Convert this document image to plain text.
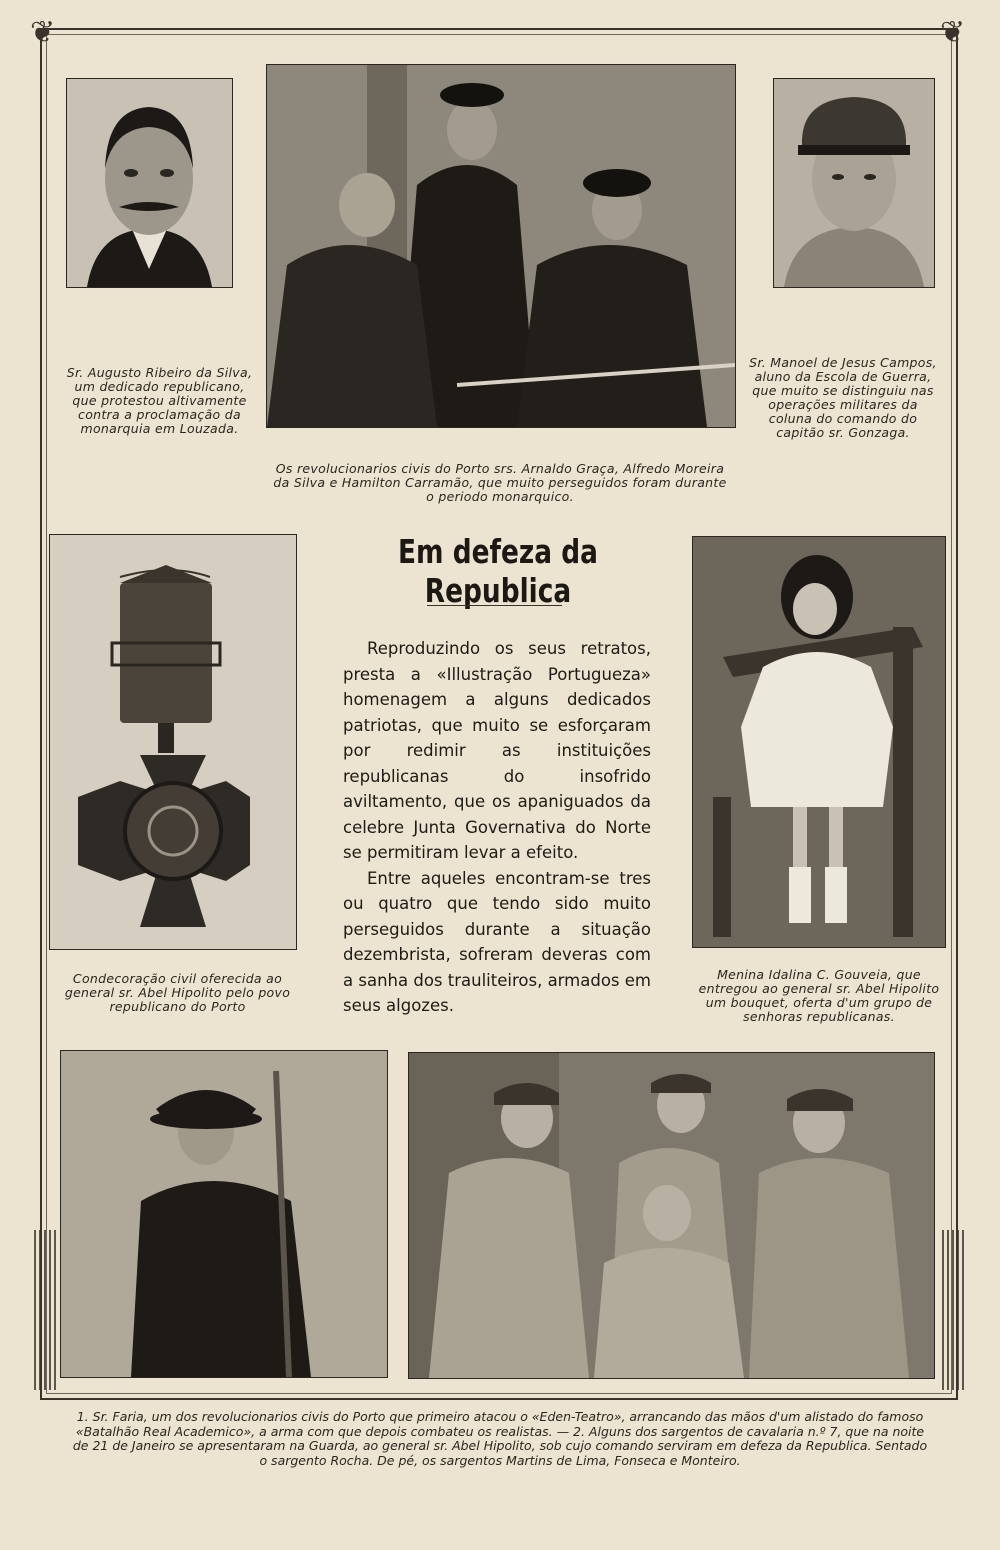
❦	❦
Sr. Augusto Ribeiro da Silva, um dedicado republicano, que protestou altivamente contra a proclamação da monarquia em Louzada.
Os revolucionarios civis do Porto srs. Arnaldo Graça, Alfredo Moreira da Silva e Hamilton Carramão, que muito perseguidos foram durante o periodo monarquico.
Sr. Manoel de Jesus Campos, aluno da Escola de Guerra, que muito se distinguiu nas operações militares da coluna do comando do capitão sr. Gonzaga.
Em defeza da Republica

Reproduzindo os seus retratos, presta a «Illustração Portugueza» homenagem a alguns dedicados patriotas, que muito se esforçaram por redimir as instituições republicanas do insofrido aviltamento, que os apaniguados da celebre Junta Governativa do Norte se permitiram levar a efeito.

Entre aqueles encontram-se tres ou quatro que tendo sido muito perseguidos durante a situação dezembrista, sofreram deveras com a sanha dos trauliteiros, armados em seus algozes.

Condecoração civil oferecida ao general sr. Abel Hipolito pelo povo republicano do Porto
Menina Idalina C. Gouveia, que entregou ao general sr. Abel Hipolito um bouquet, oferta d'um grupo de senhoras republicanas.
1. Sr. Faria, um dos revolucionarios civis do Porto que primeiro atacou o «Eden-Teatro», arrancando das mãos d'um alistado do famoso «Batalhão Real Academico», a arma com que depois combateu os realistas. — 2. Alguns dos sargentos de cavalaria n.º 7, que na noite de 21 de Janeiro se apresentaram na Guarda, ao general sr. Abel Hipolito, sob cujo comando serviram em defeza da Republica. Sentado o sargento Rocha. De pé, os sargentos Martins de Lima, Fonseca e Monteiro.
